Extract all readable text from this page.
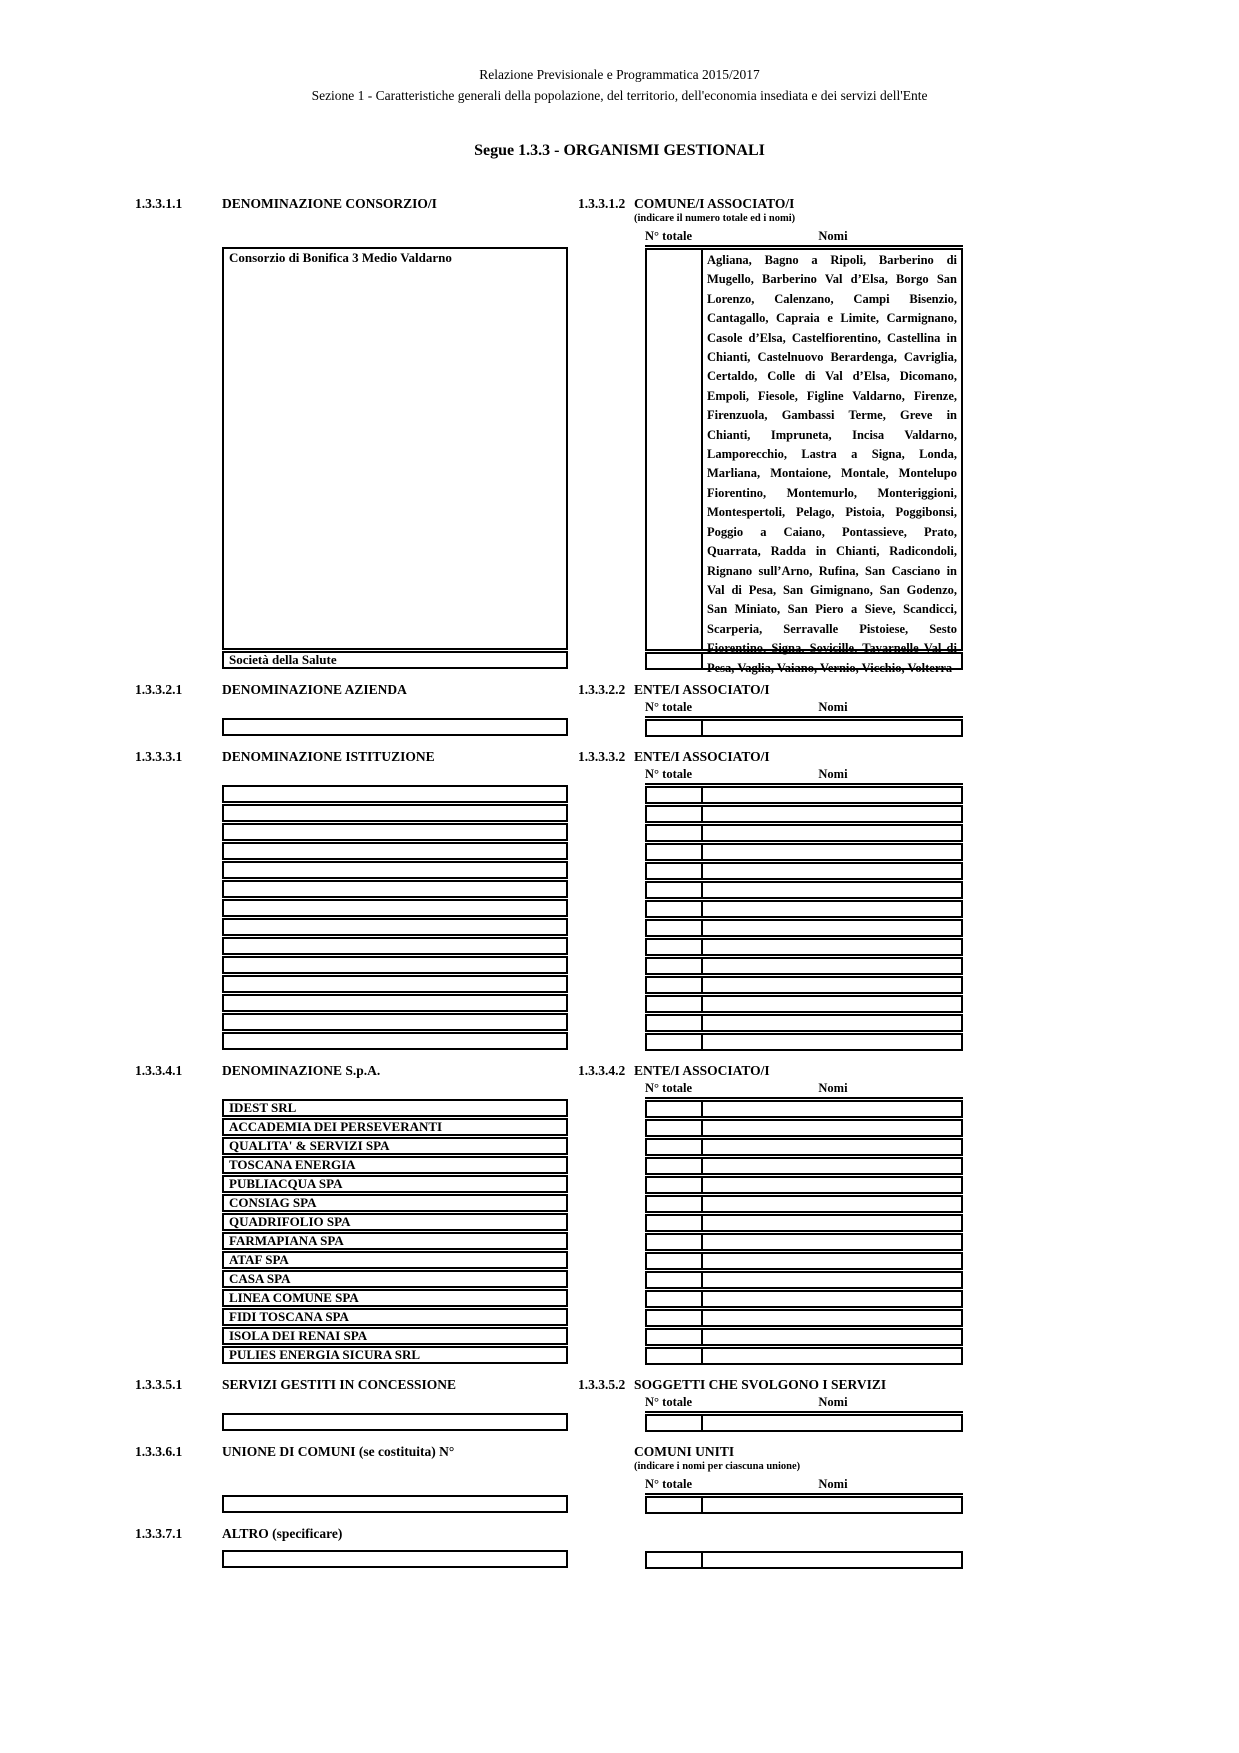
Relazione Previsionale e Programmatica 2015/2017
Sezione 1 - Caratteristiche generali della popolazione, del territorio, dell'economia insediata e dei servizi dell'Ente
Segue 1.3.3 - ORGANISMI GESTIONALI
1.3.3.1.1	DENOMINAZIONE CONSORZIO/I	1.3.3.1.2 COMUNE/I ASSOCIATO/I
(indicare il numero totale ed i nomi)
Consorzio di Bonifica 3 Medio Valdarno
Società della Salute
N° totale	Nomi
Agliana, Bagno a Ripoli, Barberino di Mugello, Barberino Val d’Elsa, Borgo San Lorenzo, Calenzano, Campi Bisenzio, Cantagallo, Capraia e Limite, Carmignano, Casole d’Elsa, Castelfiorentino, Castellina in Chianti, Castelnuovo Berardenga, Cavriglia, Certaldo, Colle di Val d’Elsa, Dicomano, Empoli, Fiesole, Figline Valdarno, Firenze, Firenzuola, Gambassi Terme, Greve in Chianti, Impruneta, Incisa Valdarno, Lamporecchio, Lastra a Signa, Londa, Marliana, Montaione, Montale, Montelupo Fiorentino, Montemurlo, Monteriggioni, Montespertoli, Pelago, Pistoia, Poggibonsi, Poggio a Caiano, Pontassieve, Prato, Quarrata, Radda in Chianti, Radicondoli, Rignano sull’Arno, Rufina, San Casciano in Val di Pesa, San Gimignano, San Godenzo, San Miniato, San Piero a Sieve, Scandicci, Scarperia, Serravalle Pistoiese, Sesto Fiorentino, Signa, Sovicille, Tavarnelle Val di Pesa, Vaglia, Vaiano, Vernio, Vicchio, Volterra
1.3.3.2.1	DENOMINAZIONE AZIENDA	1.3.3.2.2 ENTE/I ASSOCIATO/I
N° totale	Nomi
1.3.3.3.1	DENOMINAZIONE ISTITUZIONE	1.3.3.3.2 ENTE/I ASSOCIATO/I
N° totale	Nomi
1.3.3.4.1	DENOMINAZIONE S.p.A.	1.3.3.4.2 ENTE/I ASSOCIATO/I
IDEST SRL
ACCADEMIA DEI PERSEVERANTI
QUALITA' & SERVIZI SPA
TOSCANA ENERGIA
PUBLIACQUA SPA
CONSIAG SPA
QUADRIFOLIO SPA
FARMAPIANA SPA
ATAF SPA
CASA SPA
LINEA COMUNE SPA
FIDI TOSCANA SPA
ISOLA DEI RENAI SPA
PULIES ENERGIA SICURA SRL
N° totale	Nomi
1.3.3.5.1	SERVIZI GESTITI IN CONCESSIONE	1.3.3.5.2 SOGGETTI CHE SVOLGONO I SERVIZI
N° totale	Nomi
1.3.3.6.1	UNIONE DI COMUNI (se costituita) N°	COMUNI UNITI
(indicare i nomi per ciascuna unione)
N° totale	Nomi
1.3.3.7.1	ALTRO (specificare)
